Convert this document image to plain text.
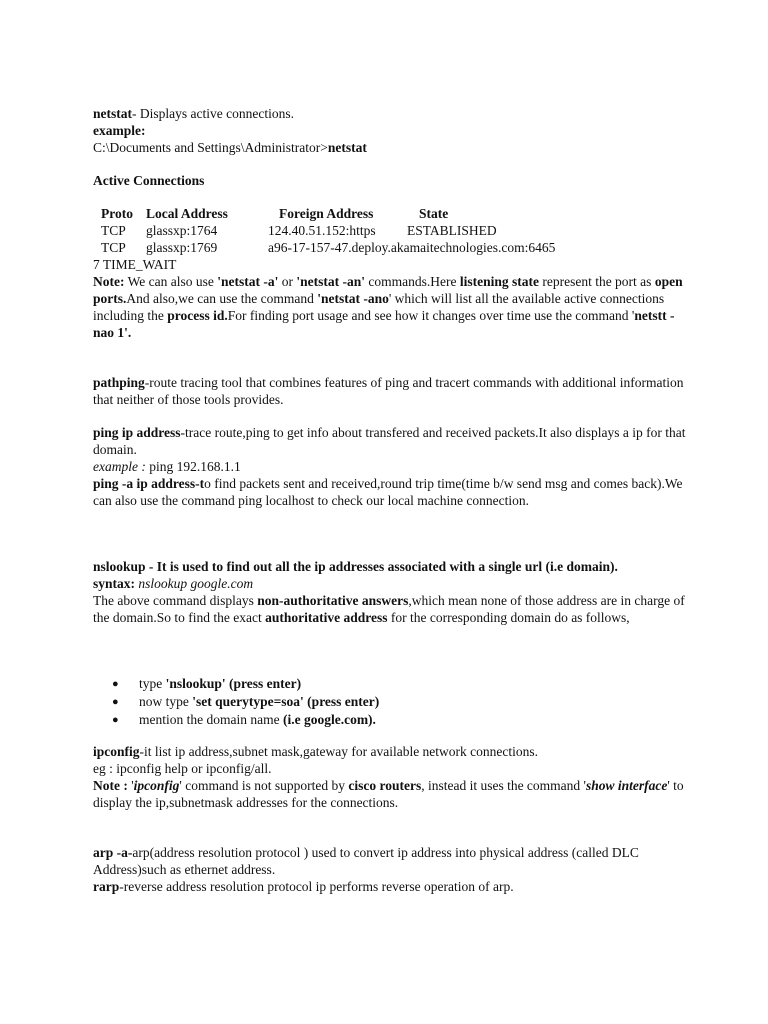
netstat- Displays active connections.

example:

C:\Documents and Settings\Administrator>netstat

Active Connections

Proto Local Address	Foreign Address	State
TCP glassxp:1764	124.40.51.152:https ESTABLISHED
TCP glassxp:1769	a96-17-157-47.deploy.akamaitechnologies.com:6465
7 TIME_WAIT

Note: We can also use 'netstat -a' or 'netstat -an' commands.Here listening state represent the port as open ports.And also,we can use the command 'netstat -ano' which will list all the available active connections including the process id.For finding port usage and see how it changes over time use the command 'netstt -nao 1'.

pathping-route tracing tool that combines features of ping and tracert commands with additional information that neither of those tools provides.

ping ip address-trace route,ping to get info about transfered and received packets.It also displays a ip for that domain.

example : ping 192.168.1.1

ping -a ip address-to find packets sent and received,round trip time(time b/w send msg and comes back).We can also use the command ping localhost to check our local machine connection.

nslookup - It is used to find out all the ip addresses associated with a single url (i.e domain).

syntax: nslookup google.com

The above command displays non-authoritative answers,which mean none of those address are in charge of the domain.So to find the exact authoritative address for the corresponding domain do as follows,

● type 'nslookup' (press enter)
● now type 'set querytype=soa' (press enter)
● mention the domain name (i.e google.com).

ipconfig-it list ip address,subnet mask,gateway for available network connections.

eg : ipconfig help or ipconfig/all.

Note : 'ipconfig' command is not supported by cisco routers, instead it uses the command 'show interface' to display the ip,subnetmask addresses for the connections.

arp -a-arp(address resolution protocol ) used to convert ip address into physical address (called DLC Address)such as ethernet address.

rarp-reverse address resolution protocol ip performs reverse operation of arp.
